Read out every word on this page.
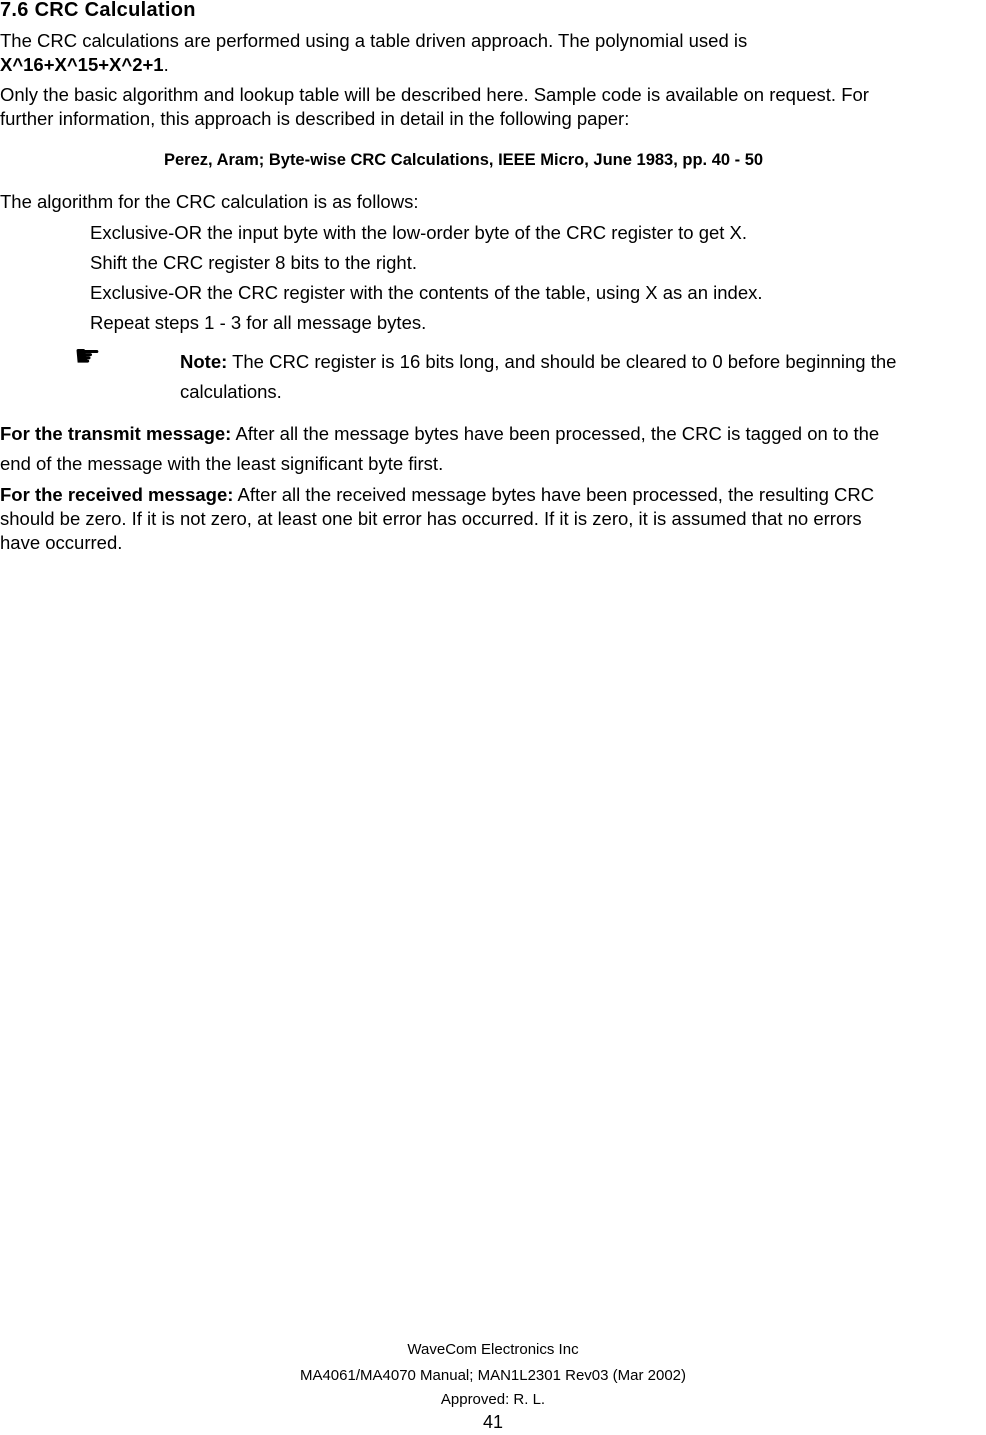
7.6 CRC Calculation
The CRC calculations are performed using a table driven approach. The polynomial used is
X^16+X^15+X^2+1.
Only the basic algorithm and lookup table will be described here. Sample code is available on request. For
further information, this approach is described in detail in the following paper:
Perez, Aram; Byte-wise CRC Calculations, IEEE Micro, June 1983, pp. 40 - 50
The algorithm for the CRC calculation is as follows:
Exclusive-OR the input byte with the low-order byte of the CRC register to get X.
Shift the CRC register 8 bits to the right.
Exclusive-OR the CRC register with the contents of the table, using X as an index.
Repeat steps 1 - 3 for all message bytes.
☛	Note: The CRC register is 16 bits long, and should be cleared to 0 before beginning the
calculations.
For the transmit message: After all the message bytes have been processed, the CRC is tagged on to the
end of the message with the least significant byte first.
For the received message: After all the received message bytes have been processed, the resulting CRC
should be zero. If it is not zero, at least one bit error has occurred. If it is zero, it is assumed that no errors
have occurred.
WaveCom Electronics Inc
MA4061/MA4070 Manual; MAN1L2301 Rev03 (Mar 2002)
Approved: R. L.
41
